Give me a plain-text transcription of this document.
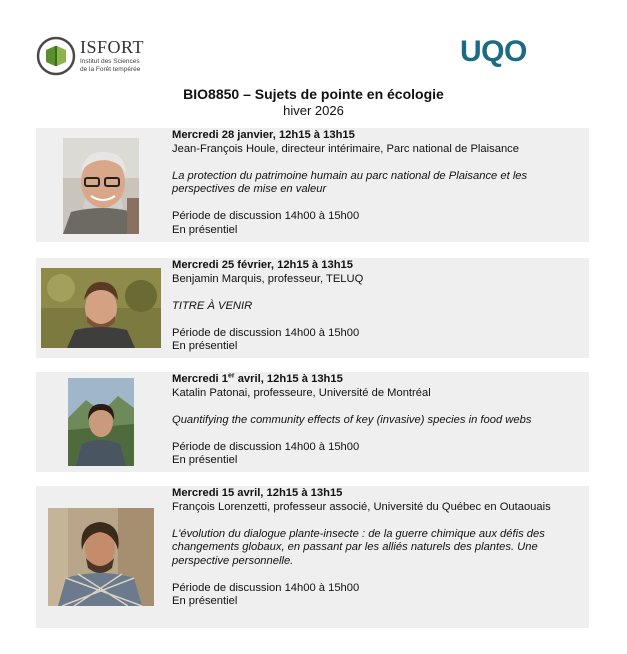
ISFORT
Institut des Sciences
de la Forêt tempérée
UQO
BIO8850 – Sujets de pointe en écologie
hiver 2026

Mercredi 28 janvier, 12h15 à 13h15

Jean-François Houle, directeur intérimaire, Parc national de Plaisance

La protection du patrimoine humain au parc national de Plaisance et les perspectives de mise en valeur

Période de discussion 14h00 à 15h00

En présentiel

Mercredi 25 février, 12h15 à 13h15

Benjamin Marquis, professeur, TELUQ

TITRE À VENIR

Période de discussion 14h00 à 15h00

En présentiel

Mercredi 1er avril, 12h15 à 13h15

Katalin Patonai, professeure, Université de Montréal

Quantifying the community effects of key (invasive) species in food webs

Période de discussion 14h00 à 15h00

En présentiel

Mercredi 15 avril, 12h15 à 13h15

François Lorenzetti, professeur associé, Université du Québec en Outaouais

L'évolution du dialogue plante-insecte : de la guerre chimique aux défis des changements globaux, en passant par les alliés naturels des plantes. Une perspective personnelle.

Période de discussion 14h00 à 15h00

En présentiel
